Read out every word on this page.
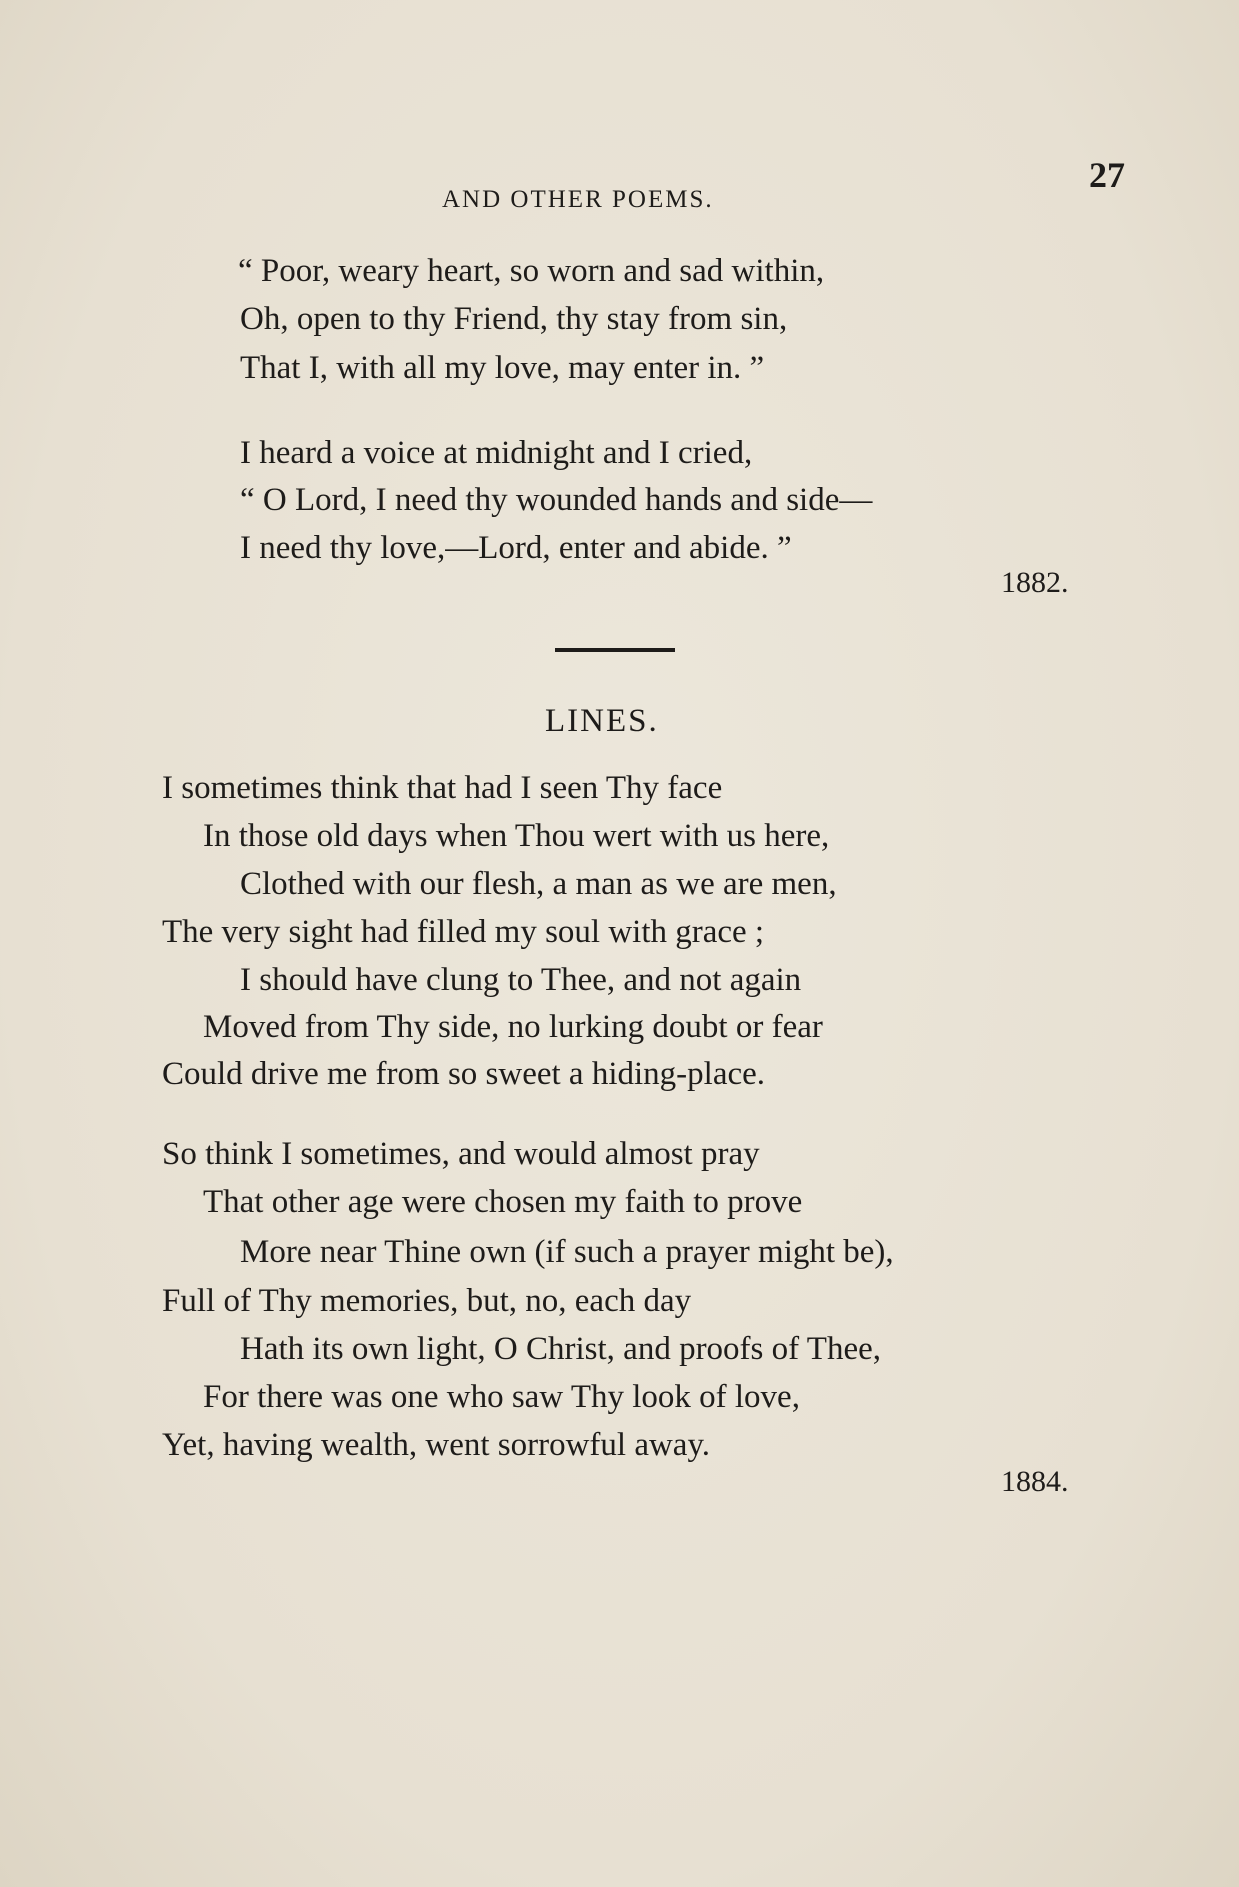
AND OTHER POEMS.
27
“ Poor, weary heart, so worn and sad within,
Oh, open to thy Friend, thy stay from sin,
That I, with all my love, may enter in. ”
I heard a voice at midnight and I cried,
“ O Lord, I need thy wounded hands and side—
I need thy love,—Lord, enter and abide. ”
1882.
LINES.
I sometimes think that had I seen Thy face
In those old days when Thou wert with us here,
Clothed with our flesh, a man as we are men,
The very sight had filled my soul with grace ;
I should have clung to Thee, and not again
Moved from Thy side, no lurking doubt or fear
Could drive me from so sweet a hiding-place.
So think I sometimes, and would almost pray
That other age were chosen my faith to prove
More near Thine own (if such a prayer might be),
Full of Thy memories, but, no, each day
Hath its own light, O Christ, and proofs of Thee,
For there was one who saw Thy look of love,
Yet, having wealth, went sorrowful away.
1884.
